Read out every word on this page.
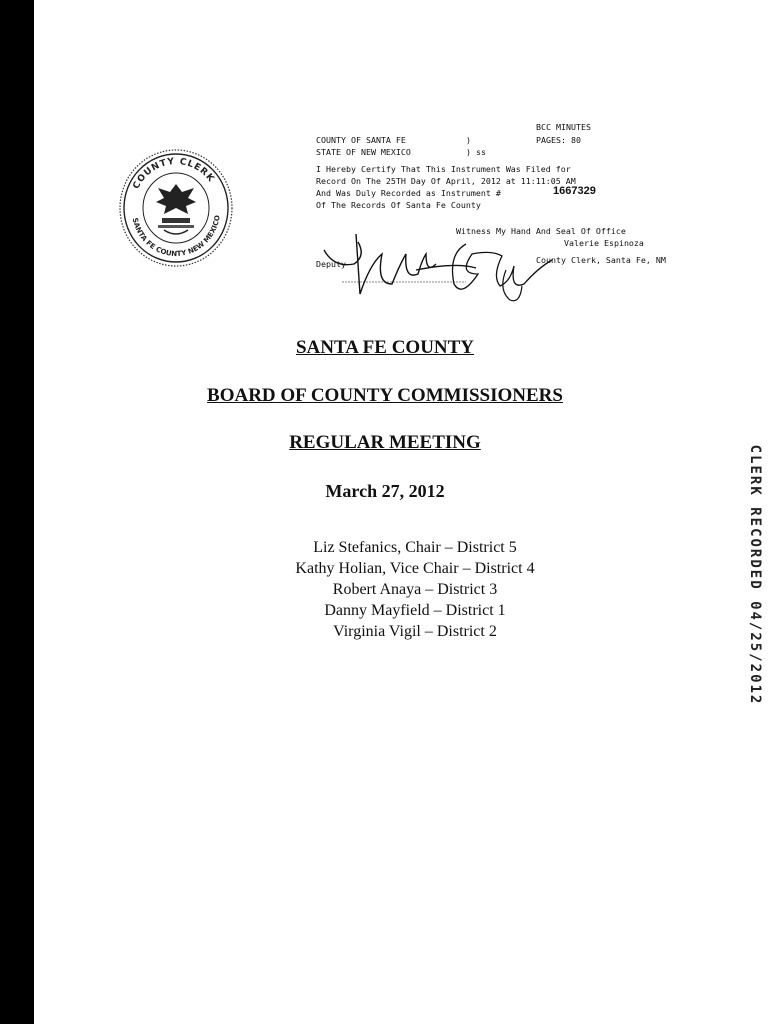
COUNTY CLERK
SANTA FE COUNTY NEW MEXICO
BCC MINUTES
PAGES: 80
COUNTY OF SANTA FE	)
STATE OF NEW MEXICO	) ss
I Hereby Certify That This Instrument Was Filed for
Record On The 25TH Day Of April, 2012 at 11:11:05 AM
And Was Duly Recorded as Instrument #	1667329
Of The Records Of Santa Fe County
Witness My Hand And Seal Of Office
Valerie Espinoza
Deputy	County Clerk, Santa Fe, NM
SANTA FE COUNTY
BOARD OF COUNTY COMMISSIONERS
REGULAR MEETING
March 27, 2012
Liz Stefanics, Chair – District 5
Kathy Holian, Vice Chair – District 4
Robert Anaya – District 3
Danny Mayfield – District 1
Virginia Vigil – District 2	CLERK RECORDED 04/25/2012
